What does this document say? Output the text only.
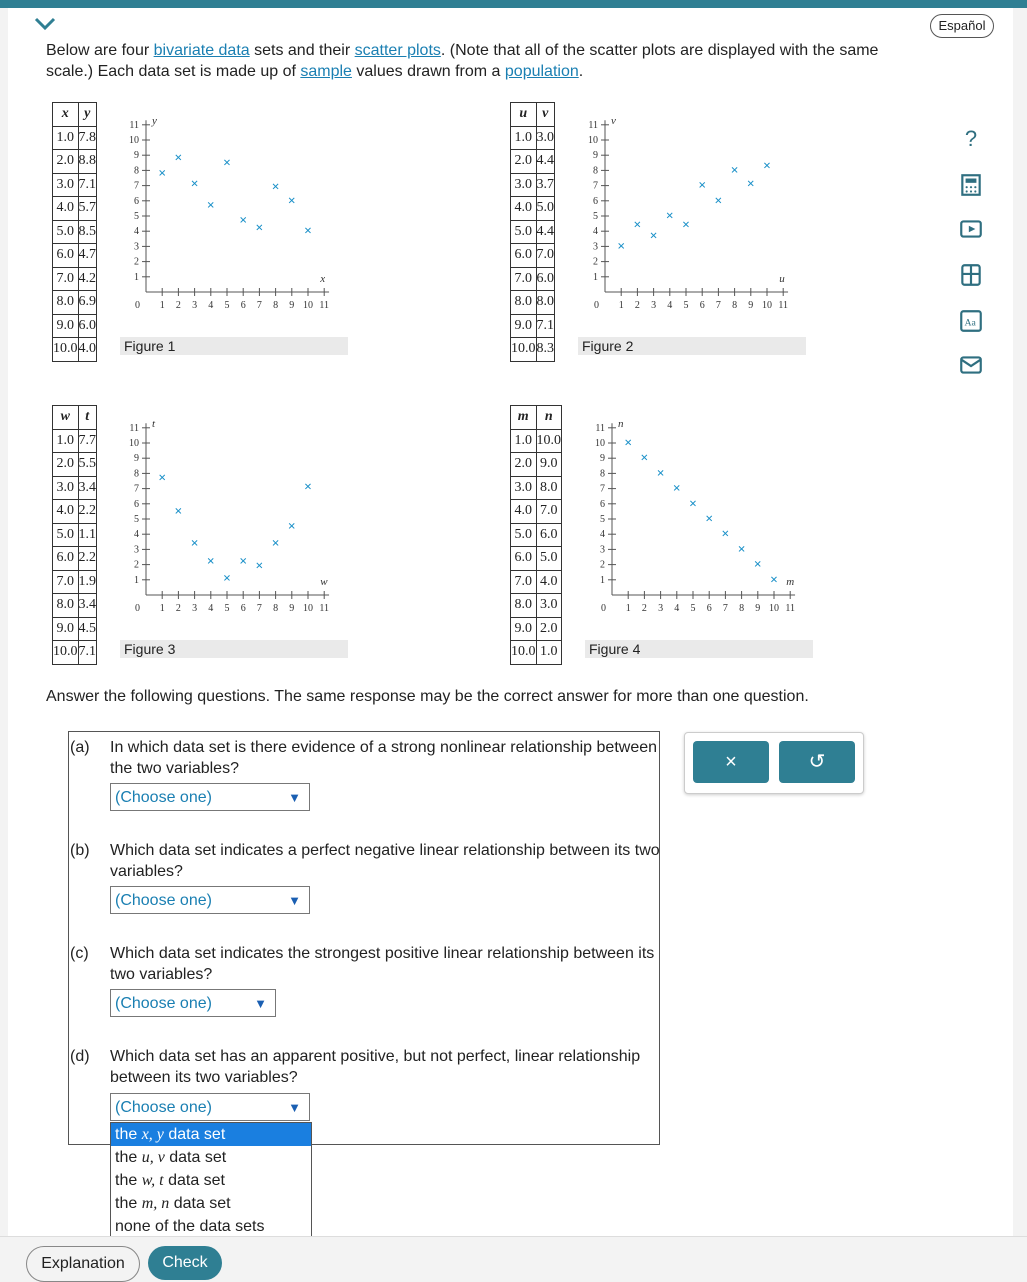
Español
Below are four bivariate data sets and their scatter plots. (Note that all of the scatter plots are displayed with the same scale.) Each data set is made up of sample values drawn from a population.
x	y
1.0	7.8
2.0	8.8
3.0	7.1
4.0	5.7
5.0	8.5
6.0	4.7
7.0	4.2
8.0	6.9
9.0	6.0
10.0	4.0
1
1
2
2
3
3
4
4
5
5
6
6
7
7
8
8
9
9
10
10
11
11
0
x
y
×
×
×
×
×
×
×
×
×
×
Figure 1
u	v
1.0	3.0
2.0	4.4
3.0	3.7
4.0	5.0
5.0	4.4
6.0	7.0
7.0	6.0
8.0	8.0
9.0	7.1
10.0	8.3
1
1
2
2
3
3
4
4
5
5
6
6
7
7
8
8
9
9
10
10
11
11
0
u
v
×
×
×
×
×
×
×
×
×
×
Figure 2
w	t
1.0	7.7
2.0	5.5
3.0	3.4
4.0	2.2
5.0	1.1
6.0	2.2
7.0	1.9
8.0	3.4
9.0	4.5
10.0	7.1
1
1
2
2
3
3
4
4
5
5
6
6
7
7
8
8
9
9
10
10
11
11
0
w
t
×
×
×
×
×
× ×
×
×
×
Figure 3
m	n
1.0	10.0
2.0	9.0
3.0	8.0
4.0	7.0
5.0	6.0
6.0	5.0
7.0	4.0
8.0	3.0
9.0	2.0
10.0	1.0
1
1
2
2
3
3
4
4
5
5
6
6
7
7
8
8
9
9
10
10
11
11
0
m
n
×
×
×
×
×
×
×
×
×
×
Figure 4
?
Aa
Answer the following questions. The same response may be the correct answer for more than one question.
(a) In which data set is there evidence of a strong nonlinear relationship between the two variables?
(Choose one)	▼
(b) Which data set indicates a perfect negative linear relationship between its two variables?
(Choose one)	▼
(c) Which data set indicates the strongest positive linear relationship between its two variables?
(Choose one)	▼
(d) Which data set has an apparent positive, but not perfect, linear relationship between its two variables?
(Choose one)	▼
the x, y data set
the u, v data set
the w, t data set
the m, n data set
none of the data sets
×	↺
Explanation	Check
